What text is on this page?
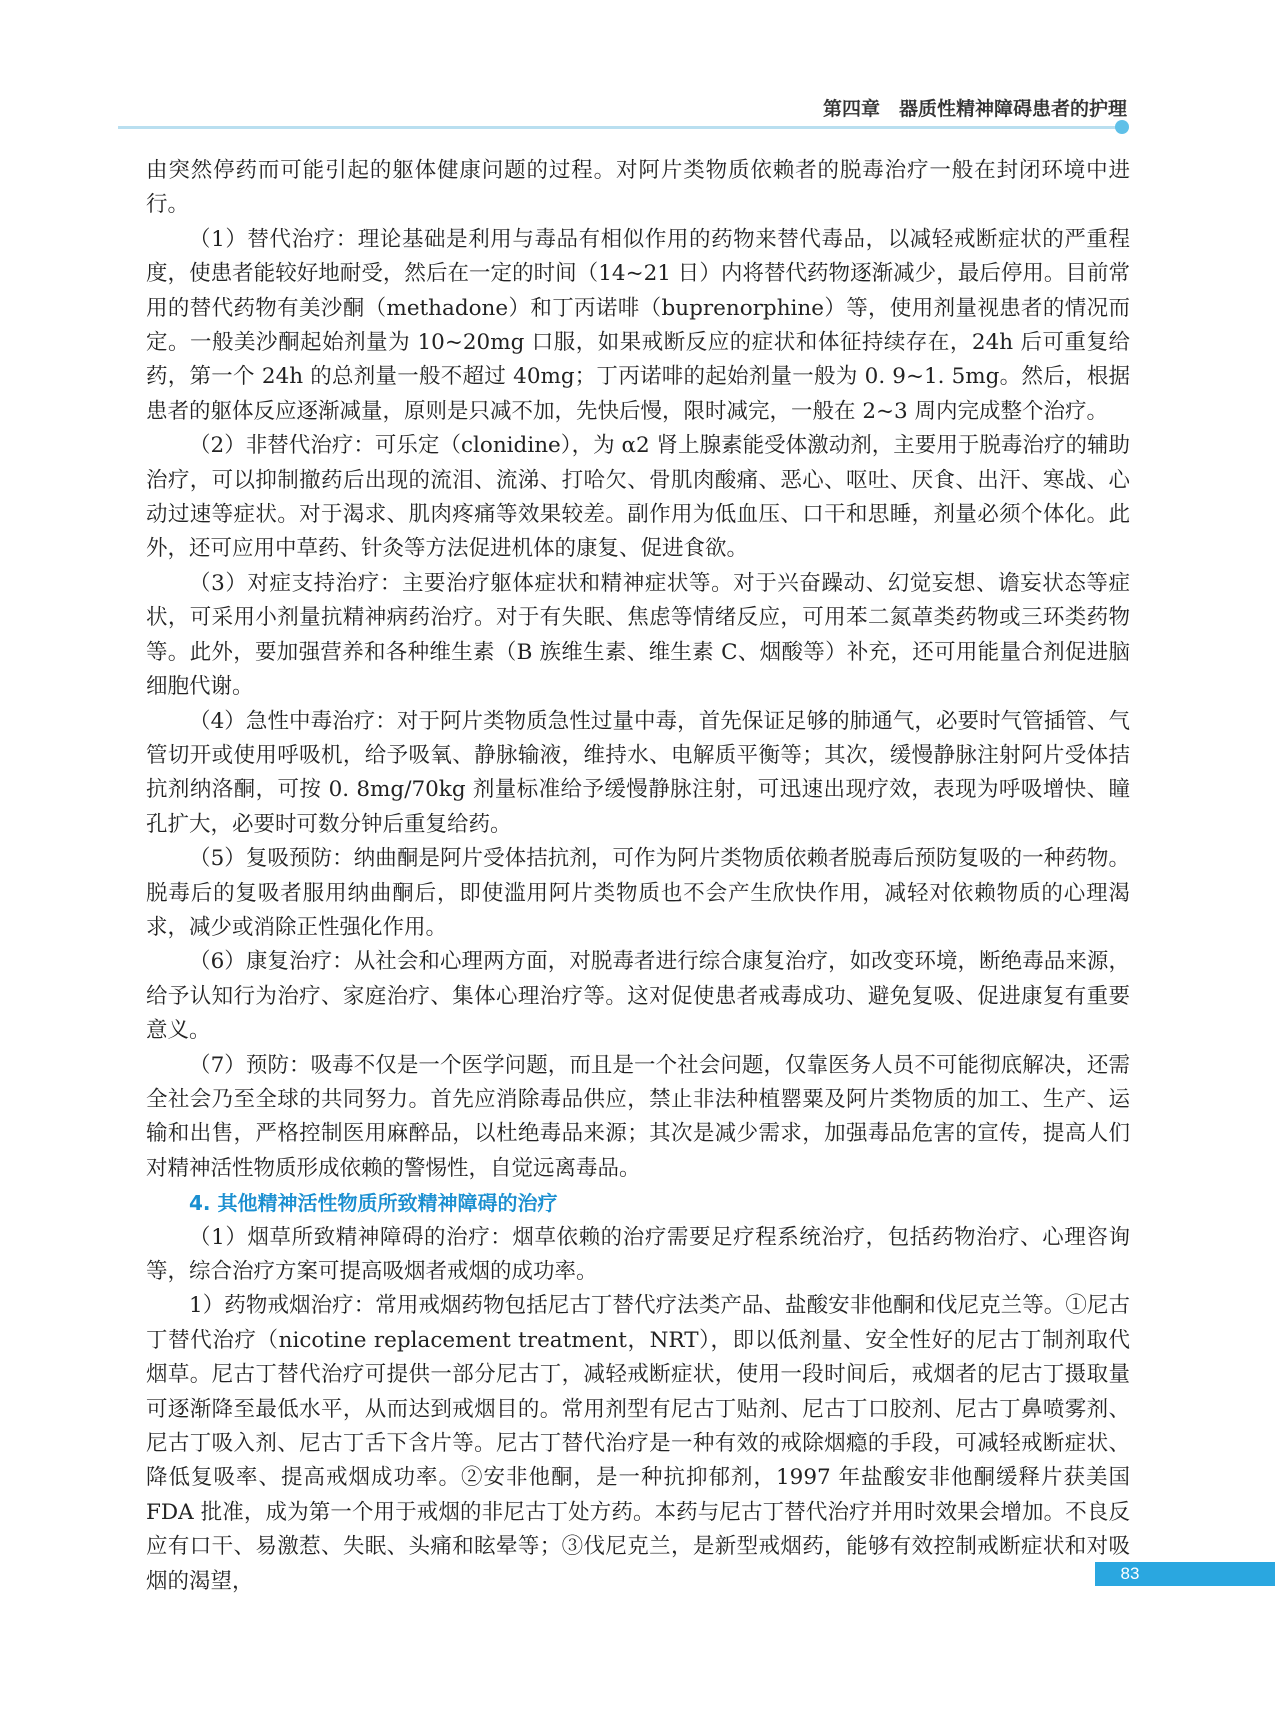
第四章　器质性精神障碍患者的护理

由突然停药而可能引起的躯体健康问题的过程。对阿片类物质依赖者的脱毒治疗一般在封闭环境中进行。

（1）替代治疗：理论基础是利用与毒品有相似作用的药物来替代毒品，以减轻戒断症状的严重程度，使患者能较好地耐受，然后在一定的时间（14~21 日）内将替代药物逐渐减少，最后停用。目前常用的替代药物有美沙酮（methadone）和丁丙诺啡（buprenorphine）等，使用剂量视患者的情况而定。一般美沙酮起始剂量为 10~20mg 口服，如果戒断反应的症状和体征持续存在，24h 后可重复给药，第一个 24h 的总剂量一般不超过 40mg；丁丙诺啡的起始剂量一般为 0. 9~1. 5mg。然后，根据患者的躯体反应逐渐减量，原则是只减不加，先快后慢，限时减完，一般在 2~3 周内完成整个治疗。

（2）非替代治疗：可乐定（clonidine），为 α2 肾上腺素能受体激动剂，主要用于脱毒治疗的辅助治疗，可以抑制撤药后出现的流泪、流涕、打哈欠、骨肌肉酸痛、恶心、呕吐、厌食、出汗、寒战、心动过速等症状。对于渴求、肌肉疼痛等效果较差。副作用为低血压、口干和思睡，剂量必须个体化。此外，还可应用中草药、针灸等方法促进机体的康复、促进食欲。

（3）对症支持治疗：主要治疗躯体症状和精神症状等。对于兴奋躁动、幻觉妄想、谵妄状态等症状，可采用小剂量抗精神病药治疗。对于有失眠、焦虑等情绪反应，可用苯二氮䓬类药物或三环类药物等。此外，要加强营养和各种维生素（B 族维生素、维生素 C、烟酸等）补充，还可用能量合剂促进脑细胞代谢。

（4）急性中毒治疗：对于阿片类物质急性过量中毒，首先保证足够的肺通气，必要时气管插管、气管切开或使用呼吸机，给予吸氧、静脉输液，维持水、电解质平衡等；其次，缓慢静脉注射阿片受体拮抗剂纳洛酮，可按 0. 8mg/70kg 剂量标准给予缓慢静脉注射，可迅速出现疗效，表现为呼吸增快、瞳孔扩大，必要时可数分钟后重复给药。

（5）复吸预防：纳曲酮是阿片受体拮抗剂，可作为阿片类物质依赖者脱毒后预防复吸的一种药物。脱毒后的复吸者服用纳曲酮后，即使滥用阿片类物质也不会产生欣快作用，减轻对依赖物质的心理渴求，减少或消除正性强化作用。

（6）康复治疗：从社会和心理两方面，对脱毒者进行综合康复治疗，如改变环境，断绝毒品来源，给予认知行为治疗、家庭治疗、集体心理治疗等。这对促使患者戒毒成功、避免复吸、促进康复有重要意义。

（7）预防：吸毒不仅是一个医学问题，而且是一个社会问题，仅靠医务人员不可能彻底解决，还需全社会乃至全球的共同努力。首先应消除毒品供应，禁止非法种植罂粟及阿片类物质的加工、生产、运输和出售，严格控制医用麻醉品，以杜绝毒品来源；其次是减少需求，加强毒品危害的宣传，提高人们对精神活性物质形成依赖的警惕性，自觉远离毒品。

4. 其他精神活性物质所致精神障碍的治疗

（1）烟草所致精神障碍的治疗：烟草依赖的治疗需要足疗程系统治疗，包括药物治疗、心理咨询等，综合治疗方案可提高吸烟者戒烟的成功率。

1）药物戒烟治疗：常用戒烟药物包括尼古丁替代疗法类产品、盐酸安非他酮和伐尼克兰等。①尼古丁替代治疗（nicotine replacement treatment，NRT），即以低剂量、安全性好的尼古丁制剂取代烟草。尼古丁替代治疗可提供一部分尼古丁，减轻戒断症状，使用一段时间后，戒烟者的尼古丁摄取量可逐渐降至最低水平，从而达到戒烟目的。常用剂型有尼古丁贴剂、尼古丁口胶剂、尼古丁鼻喷雾剂、尼古丁吸入剂、尼古丁舌下含片等。尼古丁替代治疗是一种有效的戒除烟瘾的手段，可减轻戒断症状、降低复吸率、提高戒烟成功率。②安非他酮，是一种抗抑郁剂，1997 年盐酸安非他酮缓释片获美国 FDA 批准，成为第一个用于戒烟的非尼古丁处方药。本药与尼古丁替代治疗并用时效果会增加。不良反应有口干、易激惹、失眠、头痛和眩晕等；③伐尼克兰，是新型戒烟药，能够有效控制戒断症状和对吸烟的渴望，	83
